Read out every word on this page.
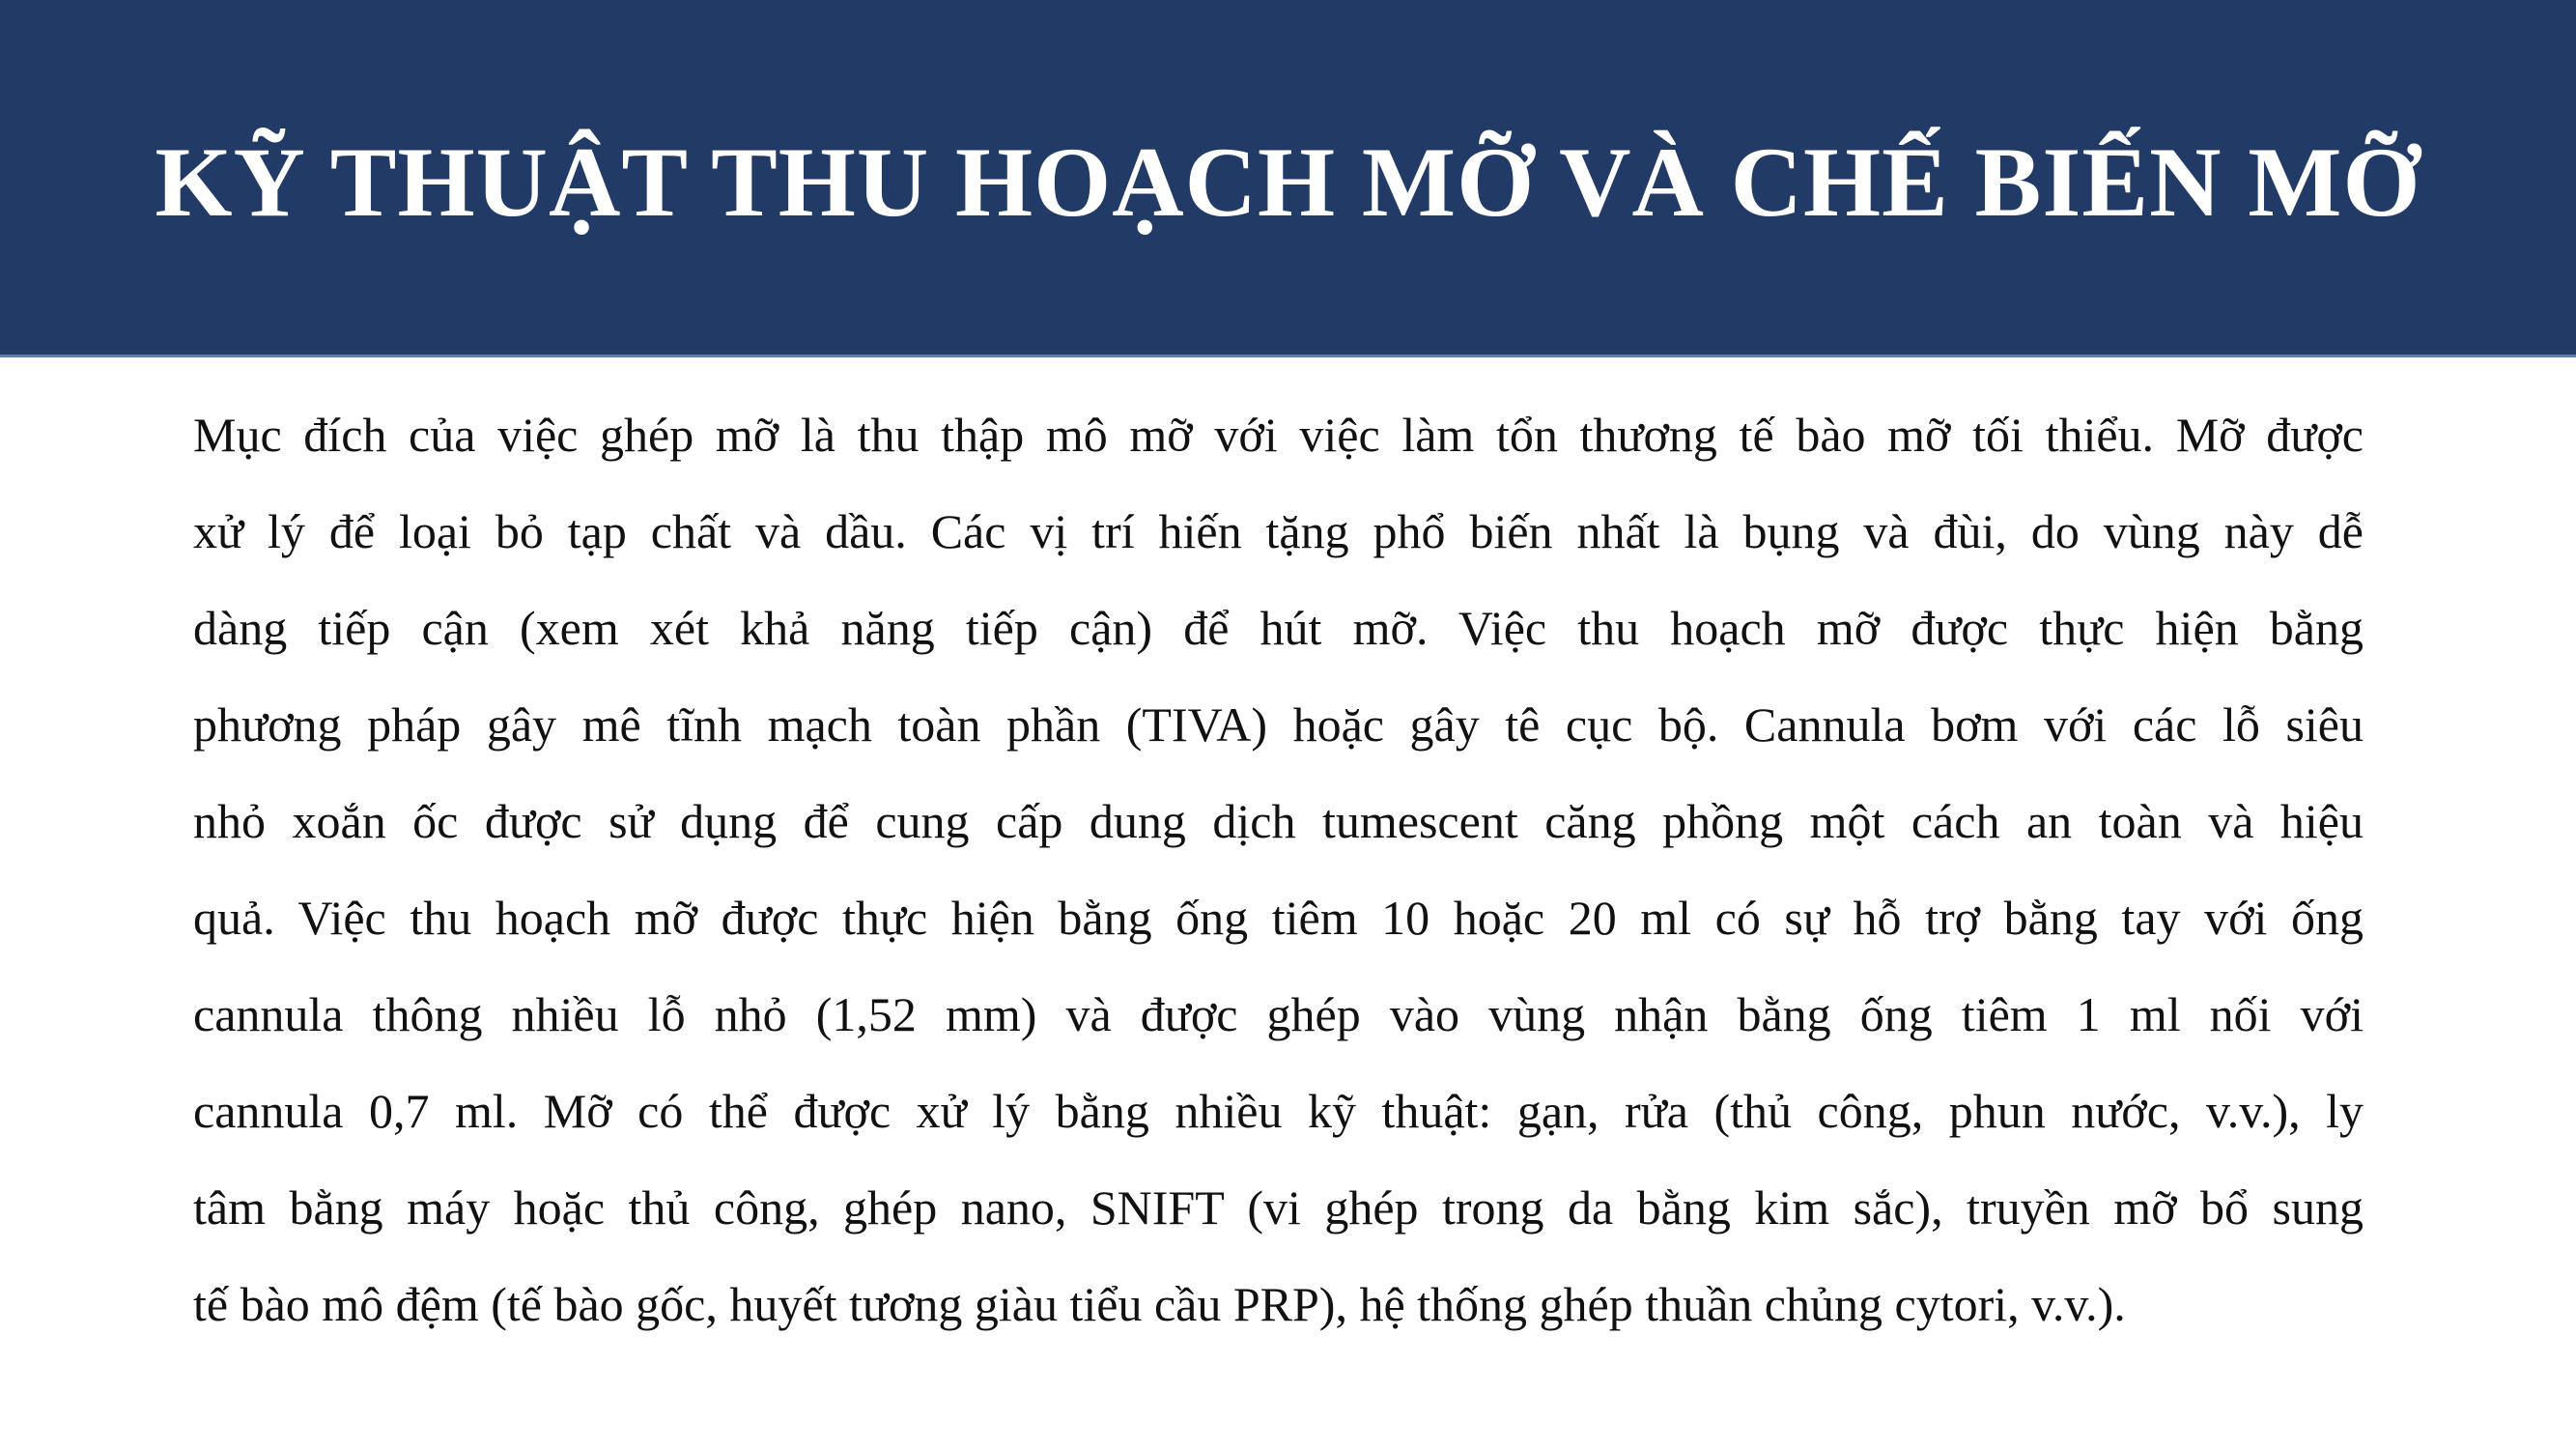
KỸ THUẬT THU HOẠCH MỠ VÀ CHẾ BIẾN MỠ
Mục đích của việc ghép mỡ là thu thập mô mỡ với việc làm tổn thương tế bào mỡ tối thiểu. Mỡ được
xử lý để loại bỏ tạp chất và dầu. Các vị trí hiến tặng phổ biến nhất là bụng và đùi, do vùng này dễ
dàng tiếp cận (xem xét khả năng tiếp cận) để hút mỡ. Việc thu hoạch mỡ được thực hiện bằng
phương pháp gây mê tĩnh mạch toàn phần (TIVA) hoặc gây tê cục bộ. Cannula bơm với các lỗ siêu
nhỏ xoắn ốc được sử dụng để cung cấp dung dịch tumescent căng phồng một cách an toàn và hiệu
quả. Việc thu hoạch mỡ được thực hiện bằng ống tiêm 10 hoặc 20 ml có sự hỗ trợ bằng tay với ống
cannula thông nhiều lỗ nhỏ (1,52 mm) và được ghép vào vùng nhận bằng ống tiêm 1 ml nối với
cannula 0,7 ml. Mỡ có thể được xử lý bằng nhiều kỹ thuật: gạn, rửa (thủ công, phun nước, v.v.), ly
tâm bằng máy hoặc thủ công, ghép nano, SNIFT (vi ghép trong da bằng kim sắc), truyền mỡ bổ sung
tế bào mô đệm (tế bào gốc, huyết tương giàu tiểu cầu PRP), hệ thống ghép thuần chủng cytori, v.v.).
